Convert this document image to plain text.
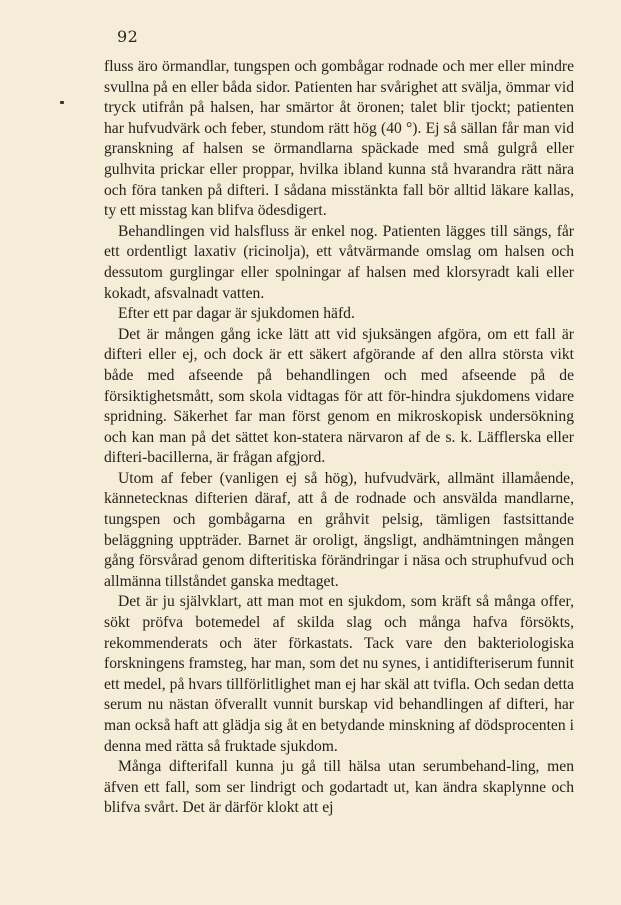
92

fluss äro örmandlar, tungspen och gombågar rodnade och mer eller mindre svullna på en eller båda sidor. Patienten har svårighet att svälja, ömmar vid tryck utifrån på halsen, har smärtor åt öronen; talet blir tjockt; patienten har hufvudvärk och feber, stundom rätt hög (40 °). Ej så sällan får man vid granskning af halsen se örmandlarna späckade med små gulgrå eller gulhvita prickar eller proppar, hvilka ibland kunna stå hvarandra rätt nära och föra tanken på difteri. I sådana misstänkta fall bör alltid läkare kallas, ty ett misstag kan blifva ödesdigert.

Behandlingen vid halsfluss är enkel nog. Patienten lägges till sängs, får ett ordentligt laxativ (ricinolja), ett våtvärmande omslag om halsen och dessutom gurglingar eller spolningar af halsen med klorsyradt kali eller kokadt, afsvalnadt vatten.

Efter ett par dagar är sjukdomen häfd.

Det är mången gång icke lätt att vid sjuksängen afgöra, om ett fall är difteri eller ej, och dock är ett säkert afgörande af den allra största vikt både med afseende på behandlingen och med afseende på de försiktighetsmått, som skola vidtagas för att för-hindra sjukdomens vidare spridning. Säkerhet far man först genom en mikroskopisk undersökning och kan man på det sättet kon-statera närvaron af de s. k. Läfflerska eller difteri-bacillerna, är frågan afgjord.

Utom af feber (vanligen ej så hög), hufvudvärk, allmänt illamående, kännetecknas difterien däraf, att å de rodnade och ansvälda mandlarne, tungspen och gombågarna en gråhvit pelsig, tämligen fastsittande beläggning uppträder. Barnet är oroligt, ängsligt, andhämtningen mången gång försvårad genom difteritiska förändringar i näsa och struphufvud och allmänna tillståndet ganska medtaget.

Det är ju självklart, att man mot en sjukdom, som kräft så många offer, sökt pröfva botemedel af skilda slag och många hafva försökts, rekommenderats och äter förkastats. Tack vare den bakteriologiska forskningens framsteg, har man, som det nu synes, i antidifteriserum funnit ett medel, på hvars tillförlitlighet man ej har skäl att tvifla. Och sedan detta serum nu nästan öfverallt vunnit burskap vid behandlingen af difteri, har man också haft att glädja sig åt en betydande minskning af dödsprocenten i denna med rätta så fruktade sjukdom.

Många difterifall kunna ju gå till hälsa utan serumbehand-ling, men äfven ett fall, som ser lindrigt och godartadt ut, kan ändra skaplynne och blifva svårt. Det är därför klokt att ej
